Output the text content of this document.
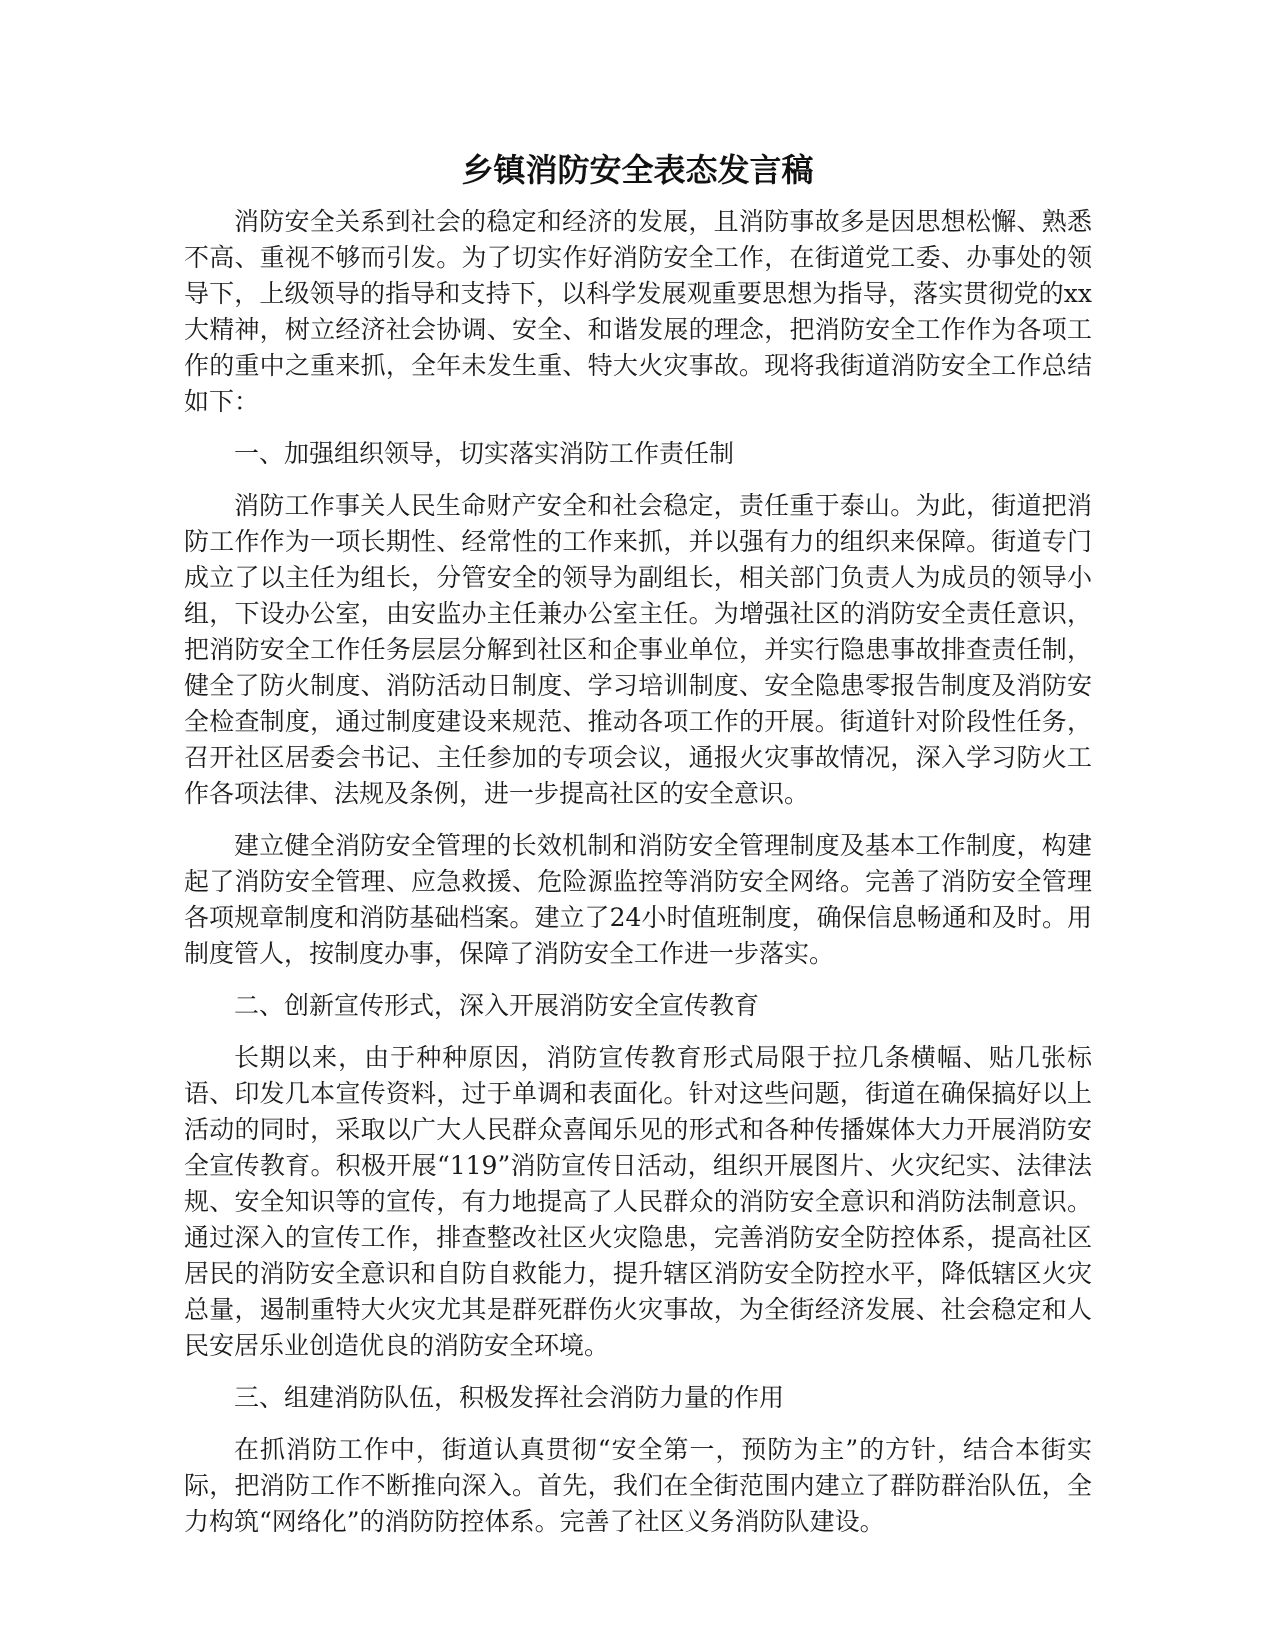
乡镇消防安全表态发言稿

消防安全关系到社会的稳定和经济的发展，且消防事故多是因思想松懈、熟悉不高、重视不够而引发。为了切实作好消防安全工作，在街道党工委、办事处的领导下，上级领导的指导和支持下，以科学发展观重要思想为指导，落实贯彻党的xx大精神，树立经济社会协调、安全、和谐发展的理念，把消防安全工作作为各项工作的重中之重来抓，全年未发生重、特大火灾事故。现将我街道消防安全工作总结如下：

一、加强组织领导，切实落实消防工作责任制

消防工作事关人民生命财产安全和社会稳定，责任重于泰山。为此，街道把消防工作作为一项长期性、经常性的工作来抓，并以强有力的组织来保障。街道专门成立了以主任为组长，分管安全的领导为副组长，相关部门负责人为成员的领导小组，下设办公室，由安监办主任兼办公室主任。为增强社区的消防安全责任意识，把消防安全工作任务层层分解到社区和企事业单位，并实行隐患事故排查责任制，健全了防火制度、消防活动日制度、学习培训制度、安全隐患零报告制度及消防安全检查制度，通过制度建设来规范、推动各项工作的开展。街道针对阶段性任务，召开社区居委会书记、主任参加的专项会议，通报火灾事故情况，深入学习防火工作各项法律、法规及条例，进一步提高社区的安全意识。

建立健全消防安全管理的长效机制和消防安全管理制度及基本工作制度，构建起了消防安全管理、应急救援、危险源监控等消防安全网络。完善了消防安全管理各项规章制度和消防基础档案。建立了24小时值班制度，确保信息畅通和及时。用制度管人，按制度办事，保障了消防安全工作进一步落实。

二、创新宣传形式，深入开展消防安全宣传教育

长期以来，由于种种原因，消防宣传教育形式局限于拉几条横幅、贴几张标语、印发几本宣传资料，过于单调和表面化。针对这些问题，街道在确保搞好以上活动的同时，采取以广大人民群众喜闻乐见的形式和各种传播媒体大力开展消防安全宣传教育。积极开展“119”消防宣传日活动，组织开展图片、火灾纪实、法律法规、安全知识等的宣传，有力地提高了人民群众的消防安全意识和消防法制意识。通过深入的宣传工作，排查整改社区火灾隐患，完善消防安全防控体系，提高社区居民的消防安全意识和自防自救能力，提升辖区消防安全防控水平，降低辖区火灾总量，遏制重特大火灾尤其是群死群伤火灾事故，为全街经济发展、社会稳定和人民安居乐业创造优良的消防安全环境。

三、组建消防队伍，积极发挥社会消防力量的作用

在抓消防工作中，街道认真贯彻“安全第一，预防为主”的方针，结合本街实际，把消防工作不断推向深入。首先，我们在全街范围内建立了群防群治队伍，全力构筑“网络化”的消防防控体系。完善了社区义务消防队建设。
